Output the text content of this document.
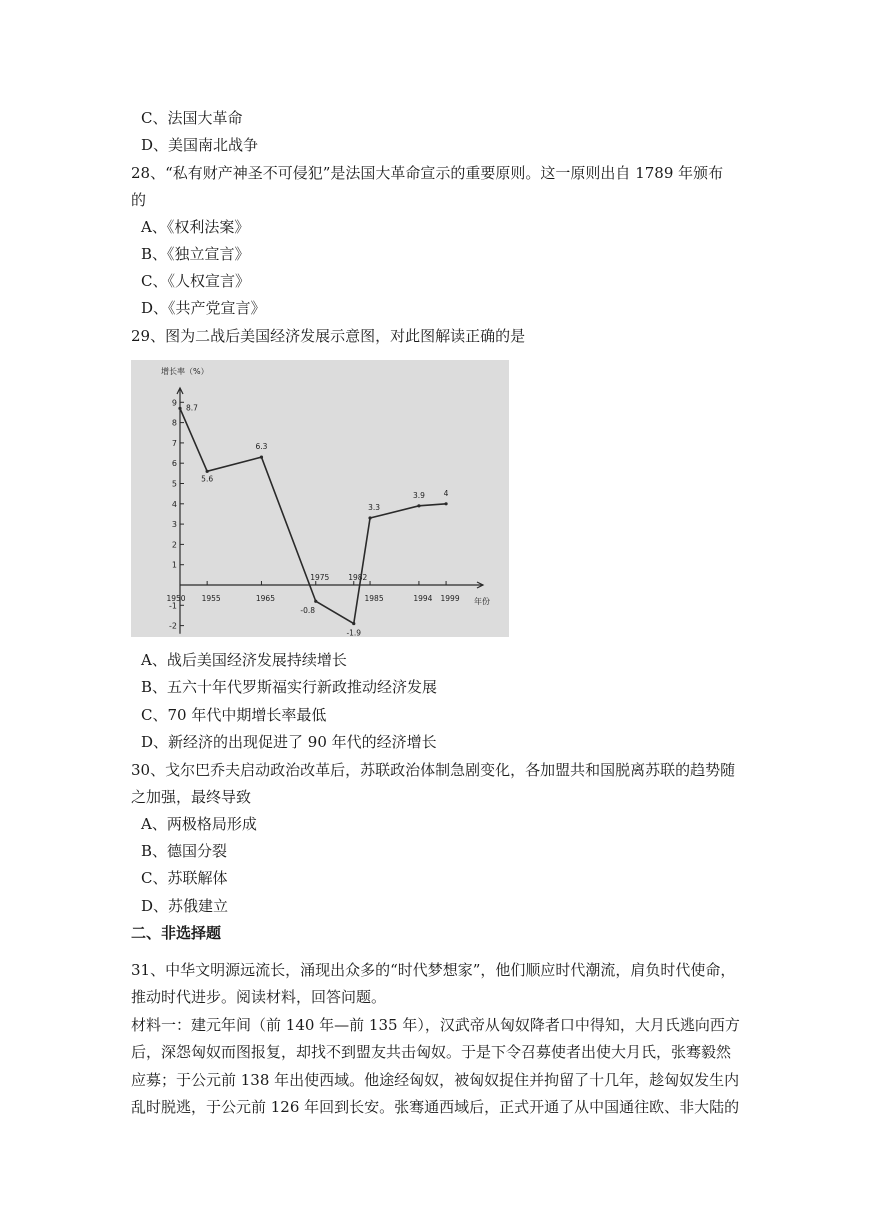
C、法国大革命
D、美国南北战争
28、“私有财产神圣不可侵犯”是法国大革命宣示的重要原则。这一原则出自 1789 年颁布
的
A、《权利法案》
B、《独立宣言》
C、《人权宣言》
D、《共产党宣言》
29、图为二战后美国经济发展示意图，对此图解读正确的是
增长率（%）
年份
9
8
7
6
5
4
3
2
1
-1
-2
1950 1955	1965
1975	1982
1985	1994 1999
8.7
5.6
6.3
-0.8
-1.9
3.3
3.9	4
A、战后美国经济发展持续增长
B、五六十年代罗斯福实行新政推动经济发展
C、70 年代中期增长率最低
D、新经济的出现促进了 90 年代的经济增长
30、戈尔巴乔夫启动政治改革后，苏联政治体制急剧变化，各加盟共和国脱离苏联的趋势随
之加强，最终导致
A、两极格局形成
B、德国分裂
C、苏联解体
D、苏俄建立
二、非选择题
31、中华文明源远流长，涌现出众多的“时代梦想家”，他们顺应时代潮流，肩负时代使命，
推动时代进步。阅读材料，回答问题。
材料一：建元年间（前 140 年—前 135 年），汉武帝从匈奴降者口中得知，大月氏逃向西方
后，深怨匈奴而图报复，却找不到盟友共击匈奴。于是下令召募使者出使大月氏，张骞毅然
应募；于公元前 138 年出使西域。他途经匈奴，被匈奴捉住并拘留了十几年，趁匈奴发生内
乱时脱逃，于公元前 126 年回到长安。张骞通西域后，正式开通了从中国通往欧、非大陆的
